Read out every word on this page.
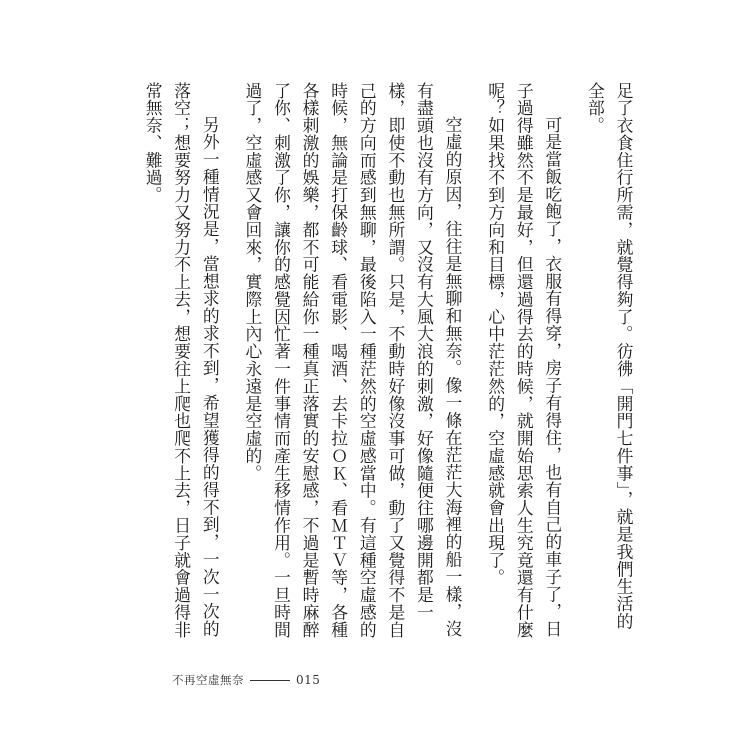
足了衣食住行所需，就覺得夠了。彷彿「開門七件事」，就是我們生活的全部。

可是當飯吃飽了，衣服有得穿，房子有得住，也有自己的車子了，日子過得雖然不是最好，但還過得去的時候，就開始思索人生究竟還有什麼呢？如果找不到方向和目標，心中茫茫然的，空虛感就會出現了。

空虛的原因，往往是無聊和無奈。像一條在茫茫大海裡的船一樣，沒有盡頭也沒有方向，又沒有大風大浪的刺激，好像隨便往哪邊開都是一樣，即使不動也無所謂。只是，不動時好像沒事可做，動了又覺得不是自己的方向而感到無聊，最後陷入一種茫然的空虛感當中。有這種空虛感的時候，無論是打保齡球、看電影、喝酒、去卡拉ＯＫ、看ＭＴＶ等，各種各樣刺激的娛樂，都不可能給你一種真正落實的安慰感，不過是暫時麻醉了你、刺激了你，讓你的感覺因忙著一件事情而產生移情作用。一旦時間過了，空虛感又會回來，實際上內心永遠是空虛的。

另外一種情況是，當想求的求不到，希望獲得的得不到，一次一次的落空；想要努力又努力不上去，想要往上爬也爬不上去，日子就會過得非常無奈、難過。

不再空虛無奈	015
